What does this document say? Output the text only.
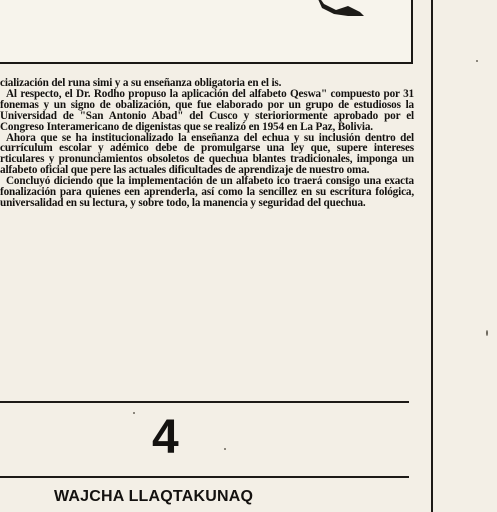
cialización del runa simi y a su enseñanza obligatoria en el is.

Al respecto, el Dr. Rodho propuso la aplicación del alfabeto Qeswa" compuesto por 31 fonemas y un signo de obalización, que fue elaborado por un grupo de estudiosos la Universidad de "San Antonio Abad" del Cusco y sterioriormente aprobado por el Congreso Interamericano de digenistas que se realizó en 1954 en La Paz, Bolivia.

Ahora que se ha institucionalizado la enseñanza del echua y su inclusión dentro del currículum escolar y adémico debe de promulgarse una ley que, supere intereses rticulares y pronunciamientos obsoletos de quechua blantes tradicionales, imponga un alfabeto oficial que pere las actuales dificultades de aprendizaje de nuestro oma.

Concluyó diciendo que la implementación de un alfabeto ico traerá consigo una exacta fonalización para quienes een aprenderla, así como la sencillez en su escritura fológica, universalidad en su lectura, y sobre todo, la manencia y seguridad del quechua.

4
WAJCHA LLAQTAKUNAQ
